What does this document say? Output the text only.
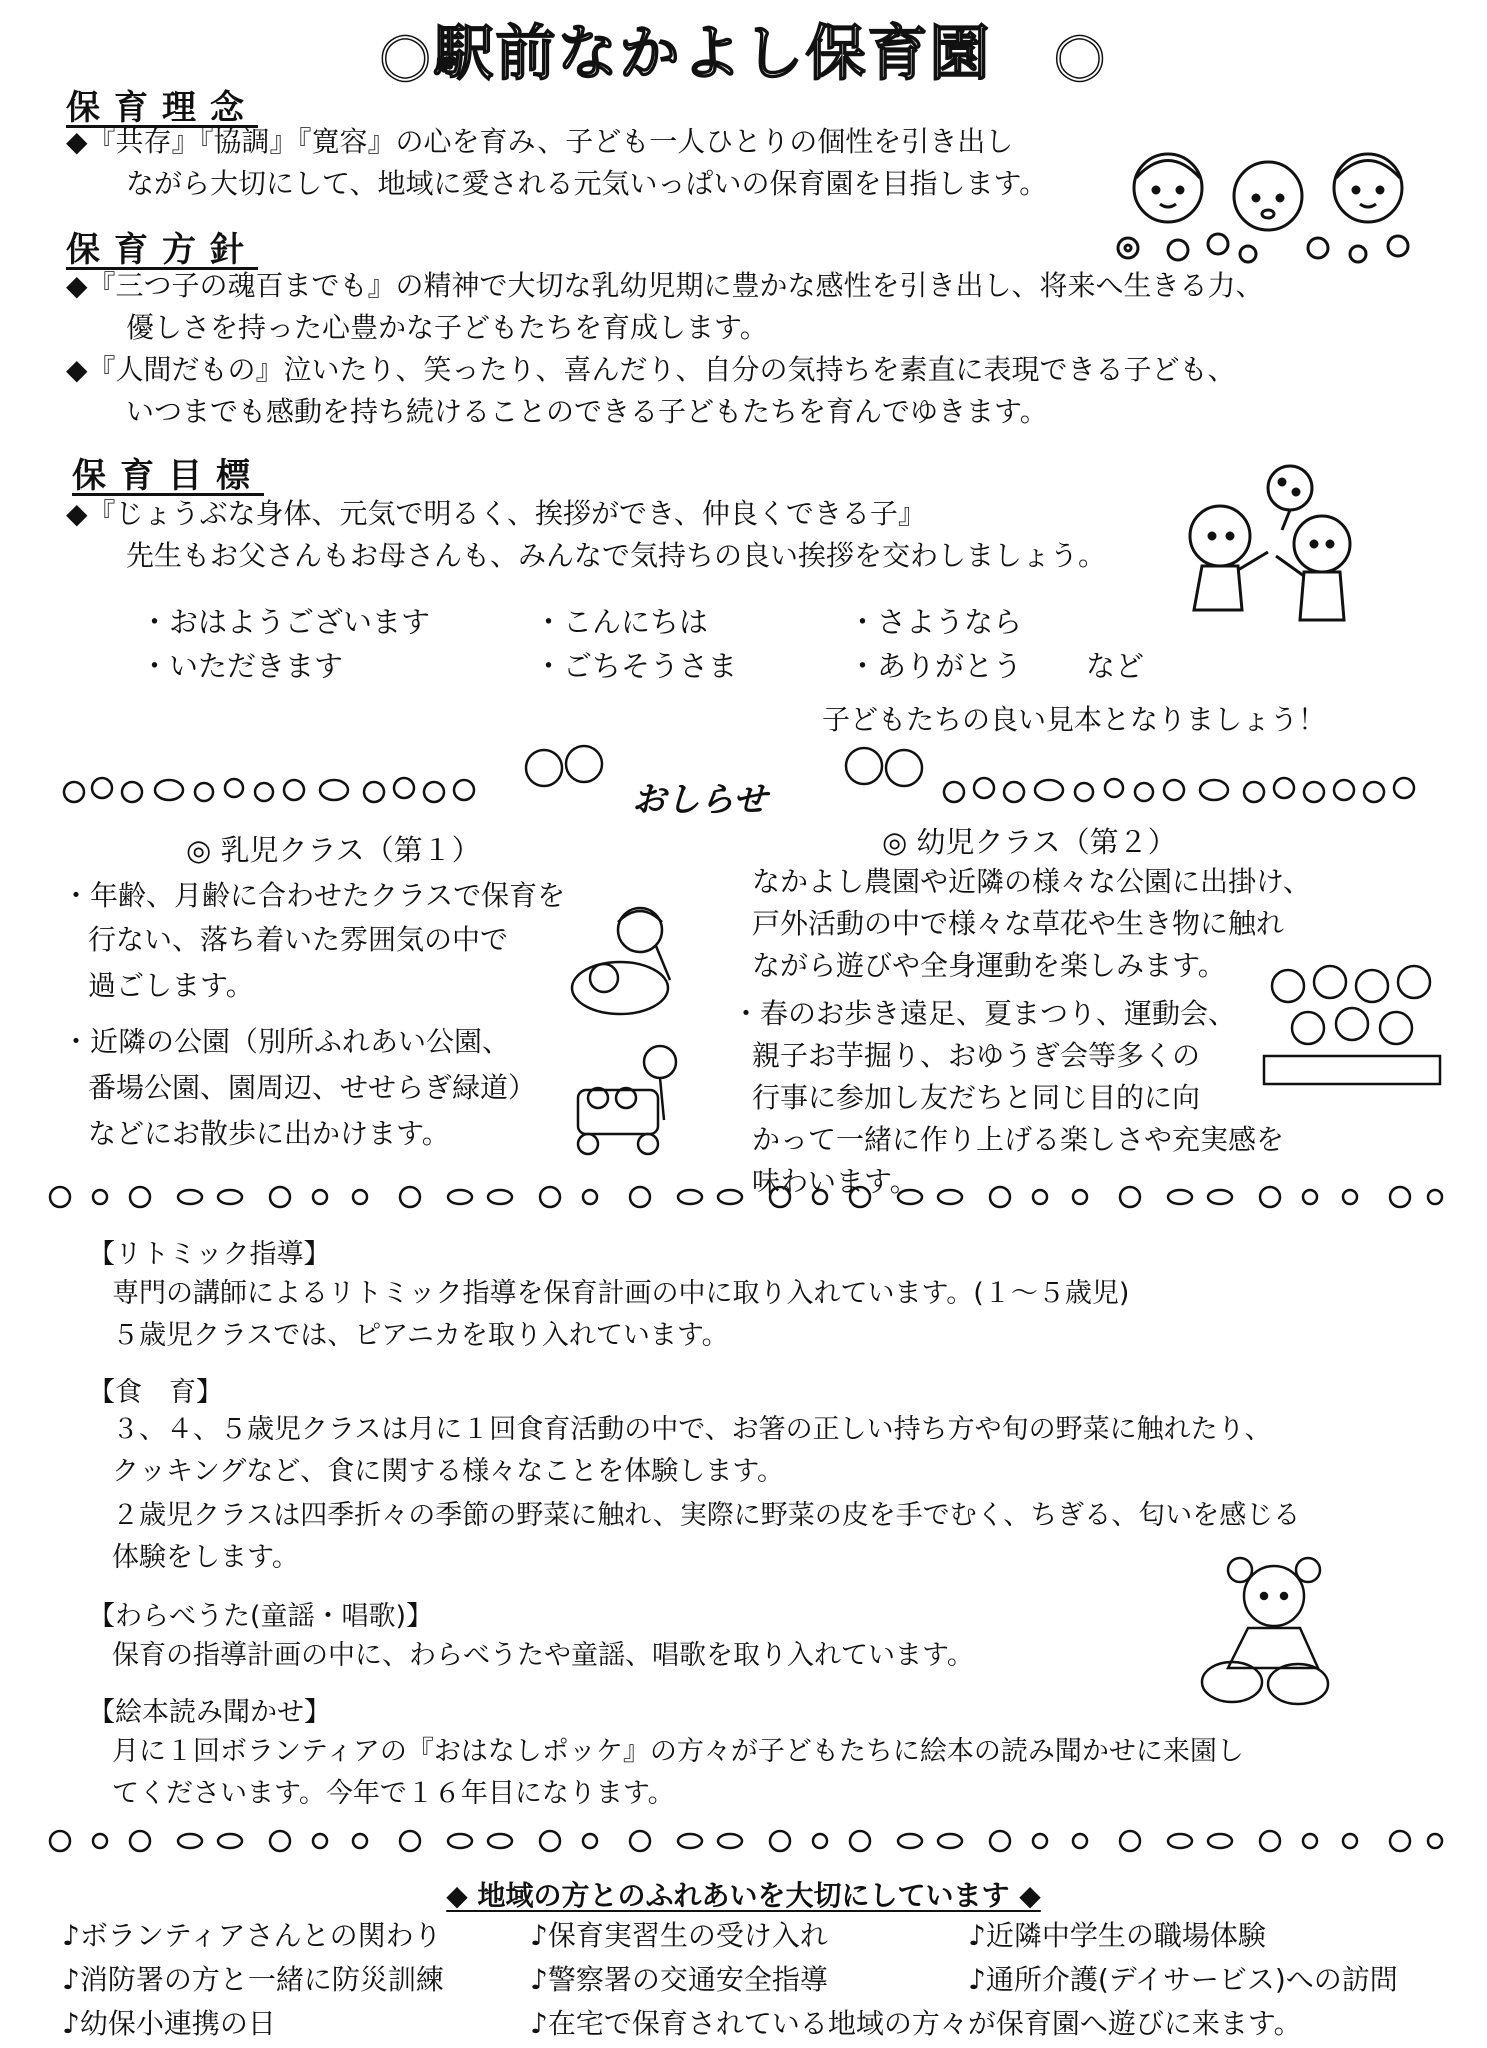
○駅前なかよし保育園　○
保育理念
◆『共存』『協調』『寛容』の心を育み、子ども一人ひとりの個性を引き出し
ながら大切にして、地域に愛される元気いっぱいの保育園を目指します。
保育方針
◆『三つ子の魂百までも』の精神で大切な乳幼児期に豊かな感性を引き出し、将来へ生きる力、
優しさを持った心豊かな子どもたちを育成します。
◆『人間だもの』泣いたり、笑ったり、喜んだり、自分の気持ちを素直に表現できる子ども、
いつまでも感動を持ち続けることのできる子どもたちを育んでゆきます。
保育目標
◆『じょうぶな身体、元気で明るく、挨拶ができ、仲良くできる子』
先生もお父さんもお母さんも、みんなで気持ちの良い挨拶を交わしましょう。
・おはようございます	・こんにちは	・さようなら
・いただきます	・ごちそうさま	・ありがとう など
子どもたちの良い見本となりましょう！
おしらせ
◎ 乳児クラス（第１）
・年齢、月齢に合わせたクラスで保育を
行ない、落ち着いた雰囲気の中で
過ごします。
・近隣の公園（別所ふれあい公園、
番場公園、園周辺、せせらぎ緑道）
などにお散歩に出かけます。
◎ 幼児クラス（第２）
なかよし農園や近隣の様々な公園に出掛け、
戸外活動の中で様々な草花や生き物に触れ
ながら遊びや全身運動を楽しみます。
・春のお歩き遠足、夏まつり、運動会、
親子お芋掘り、おゆうぎ会等多くの
行事に参加し友だちと同じ目的に向
かって一緒に作り上げる楽しさや充実感を
味わいます。
【リトミック指導】
専門の講師によるリトミック指導を保育計画の中に取り入れています。(１～５歳児)
５歳児クラスでは、ピアニカを取り入れています。
【食　育】
３、４、５歳児クラスは月に１回食育活動の中で、お箸の正しい持ち方や旬の野菜に触れたり、
クッキングなど、食に関する様々なことを体験します。
２歳児クラスは四季折々の季節の野菜に触れ、実際に野菜の皮を手でむく、ちぎる、匂いを感じる
体験をします。
【わらべうた(童謡・唱歌)】
保育の指導計画の中に、わらべうたや童謡、唱歌を取り入れています。
【絵本読み聞かせ】
月に１回ボランティアの『おはなしポッケ』の方々が子どもたちに絵本の読み聞かせに来園し
てくださいます。今年で１６年目になります。
◆ 地域の方とのふれあいを大切にしています ◆
♪ボランティアさんとの関わり	♪保育実習生の受け入れ	♪近隣中学生の職場体験
♪消防署の方と一緒に防災訓練	♪警察署の交通安全指導	♪通所介護(デイサービス)への訪問
♪幼保小連携の日	♪在宅で保育されている地域の方々が保育園へ遊びに来ます。
